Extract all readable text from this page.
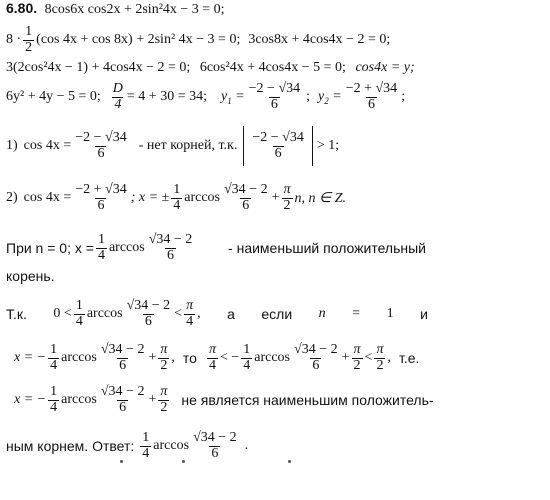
6.80. 8cos6x cos2x + 2sin²4x − 3 = 0;
$8 \cdot \frac{1}{2} (\cos$ 4x + cos 8x) + 2sin² 4x − 3 = 0; 3cos8x + 4cos4x − 2 = 0;
3(2cos²4x − 1) + 4cos4x − 2 = 0; 6cos²4x + 4cos4x − 5 = 0; cos4x = y;
6y² + 4y − 5 = 0; $\frac{D}{4} = 4 + 30 = 34$; $y_1 = \frac{-2 - √34}{6}$ ; $y_2 = \frac{-2 + √34}{6}$ ;
1) $\cos 4x = \frac{-2 - √34}{6}$ - нет корней, т.к. $\frac{-2 - √34}{6} > 1$;
2) $\cos 4x = \frac{-2 + √34}{6}$ ; x = ± $\frac{1}{4}$ $\arccos \frac{√34 - 2}{6} + \frac{\pi}{2} n$, n ∈ Z.
При n = 0; $x = \frac{1}{4}$ $\arccos \frac{√34 - 2}{6}$ - наименьший положительный
корень.
Т.к. $0 < \frac{1}{4}$ $\arccos \frac{√34 - 2}{6} < \frac{\pi}{4}$ , а если n = 1 и
x = − $\frac{1}{4}$ $\arccos \frac{√34 - 2}{6} + \frac{\pi}{2}$ , то $\frac{\pi}{4}$ < − $\frac{1}{4}$ $\arccos \frac{√34 - 2}{6} + \frac{\pi}{2} < \frac{\pi}{2}$ , т.е.
x = − $\frac{1}{4}$ $\arccos \frac{√34 - 2}{6} + \frac{\pi}{2}$ не является наименьшим положитель-
ным корнем. Ответ: $\frac{1}{4}$ $\arccos \frac{√34 - 2}{6}$ .
